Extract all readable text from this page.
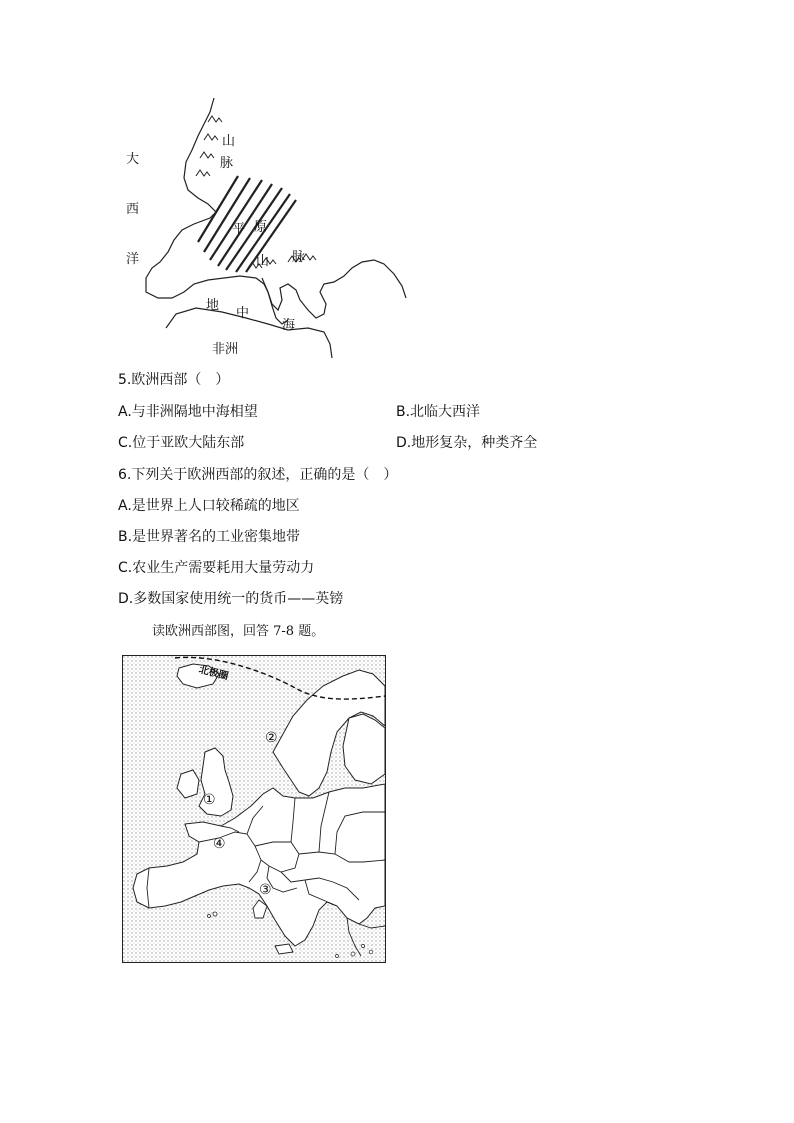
大
西
洋
山
脉
平 原
山 脉
地
中
海
非洲
5.欧洲西部（　）
A.与非洲隔地中海相望	B.北临大西洋
C.位于亚欧大陆东部	D.地形复杂，种类齐全
6.下列关于欧洲西部的叙述，正确的是（　）
A.是世界上人口较稀疏的地区
B.是世界著名的工业密集地带
C.农业生产需要耗用大量劳动力
D.多数国家使用统一的货币——英镑
读欧洲西部图，回答 7-8 题。
北极圈
①
②
③
④
